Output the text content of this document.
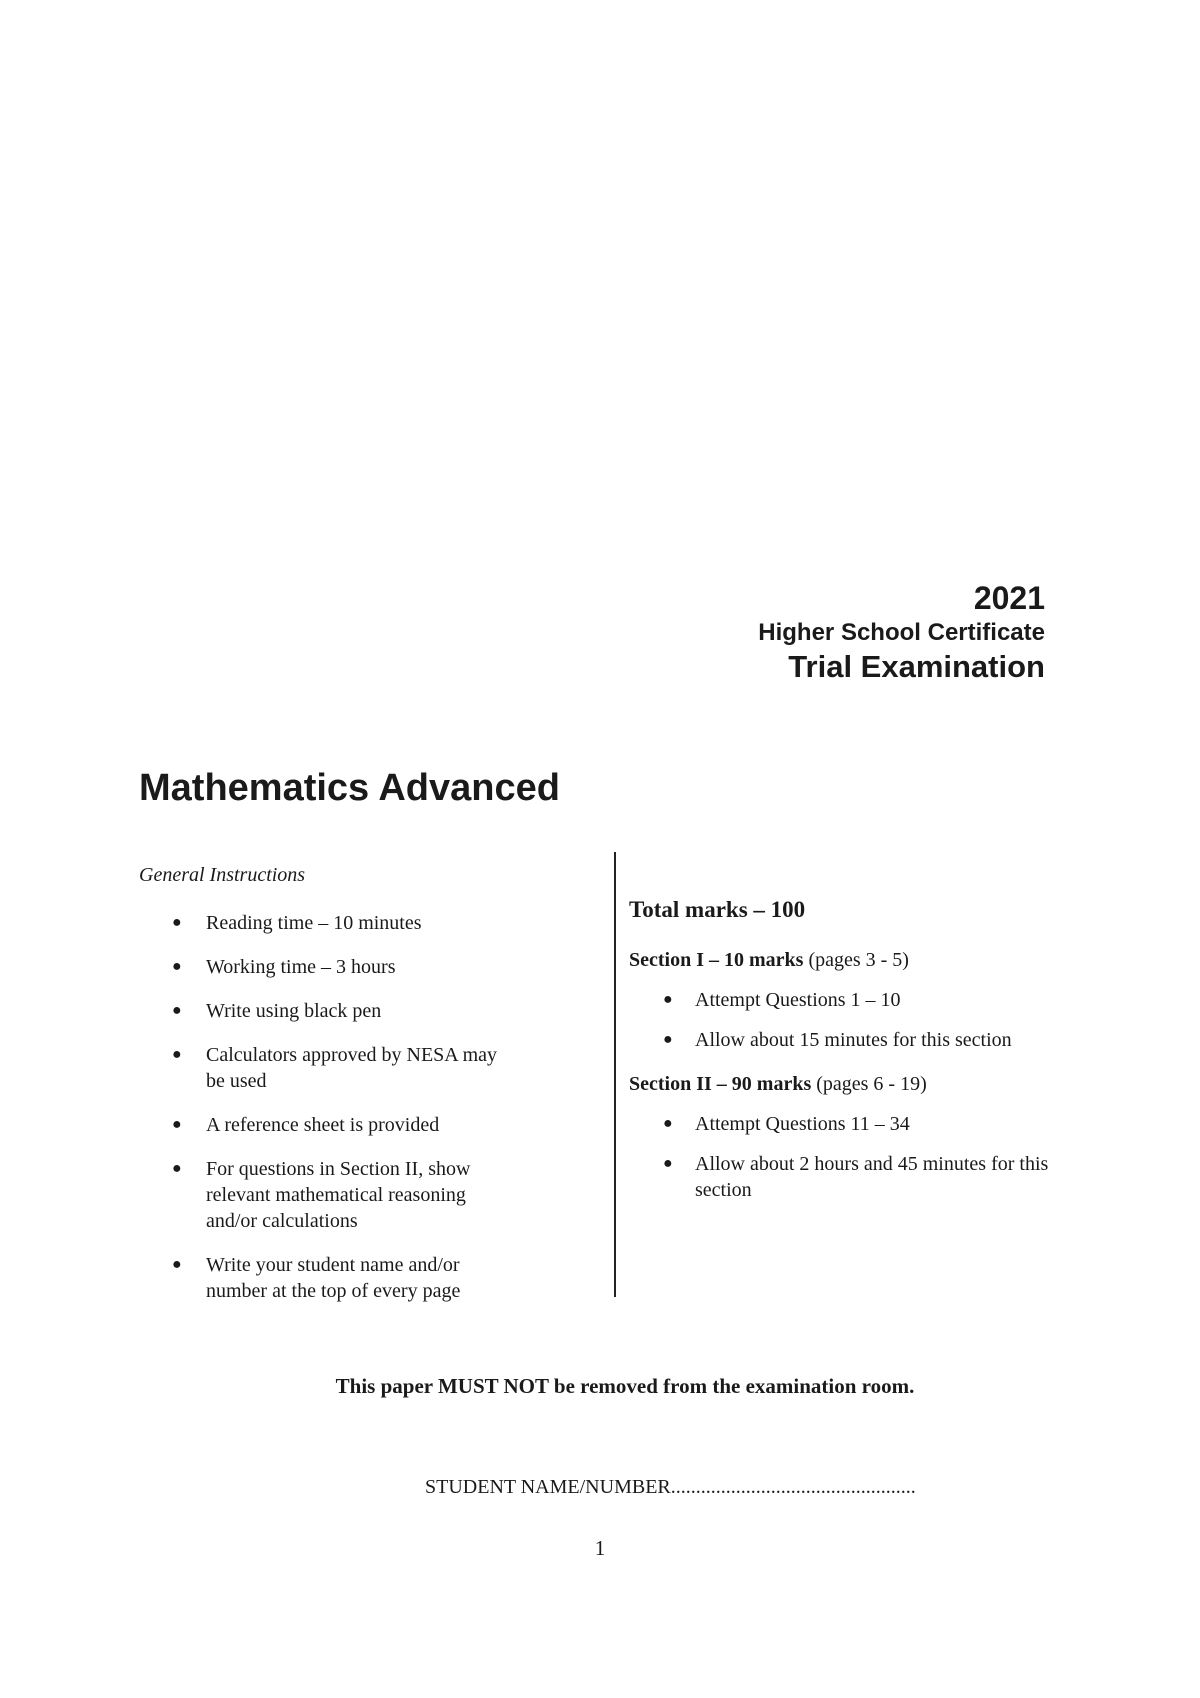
2021
Higher School Certificate
Trial Examination
Mathematics Advanced
General Instructions
● Reading time – 10 minutes
● Working time – 3 hours
● Write using black pen
● Calculators approved by NESA may be used
● A reference sheet is provided
● For questions in Section II, show relevant mathematical reasoning and/or calculations
● Write your student name and/or number at the top of every page
Total marks – 100
Section I – 10 marks (pages 3 - 5)
● Attempt Questions 1 – 10
● Allow about 15 minutes for this section
Section II – 90 marks (pages 6 - 19)
● Attempt Questions 11 – 34
● Allow about 2 hours and 45 minutes for this section
This paper MUST NOT be removed from the examination room.
STUDENT NAME/NUMBER.................................................
1
